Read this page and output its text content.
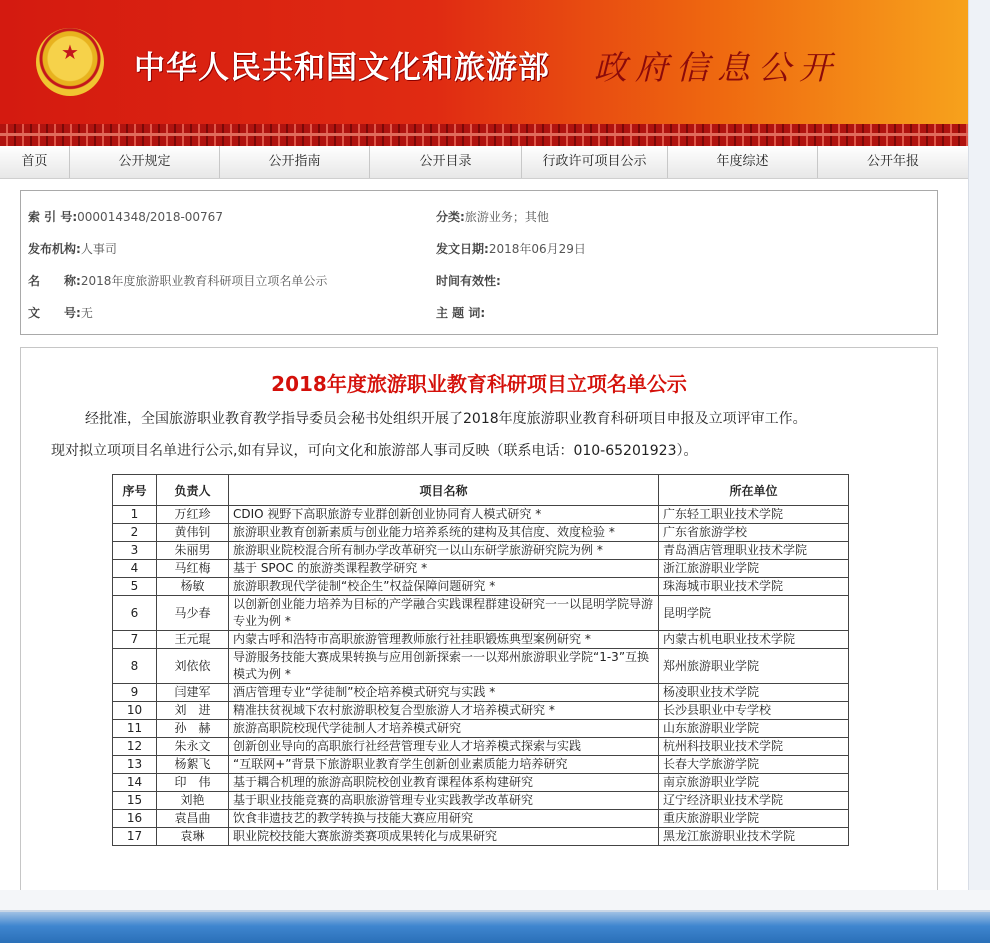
★	中华人民共和国文化和旅游部 政府信息公开
首页	公开规定	公开指南	公开目录	行政许可项目公示	年度综述	公开年报
索 引 号:000014348/2018-00767	分类:旅游业务；其他
发布机构:人事司	发文日期:2018年06月29日
名　　称:2018年度旅游职业教育科研项目立项名单公示	时间有效性:
文　　号:无	主 题 词:
2018年度旅游职业教育科研项目立项名单公示
经批准，全国旅游职业教育教学指导委员会秘书处组织开展了2018年度旅游职业教育科研项目申报及立项评审工作。
现对拟立项项目名单进行公示,如有异议，可向文化和旅游部人事司反映（联系电话：010-65201923）。
序号	负责人	项目名称	所在单位
1	万红珍	CDIO 视野下高职旅游专业群创新创业协同育人模式研究 *	广东轻工职业技术学院
2	黄伟钊	旅游职业教育创新素质与创业能力培养系统的建构及其信度、效度检验 *	广东省旅游学校
3	朱丽男	旅游职业院校混合所有制办学改革研究一以山东研学旅游研究院为例 *	青岛酒店管理职业技术学院
4	马红梅	基于 SPOC 的旅游类课程教学研究 *	浙江旅游职业学院
5	杨敏	旅游职教现代学徒制“校企生”权益保障问题研究 *	珠海城市职业技术学院
6	马少春	以创新创业能力培养为目标的产学融合实践课程群建设研究一一以昆明学院导游专业为例 *	昆明学院
7	王元琨	内蒙古呼和浩特市高职旅游管理教师旅行社挂职锻炼典型案例研究 *	内蒙古机电职业技术学院
8	刘依依	导游服务技能大赛成果转换与应用创新探索一一以郑州旅游职业学院“1-3”互换模式为例 *	郑州旅游职业学院
9	闫建军	酒店管理专业“学徒制”校企培养模式研究与实践 *	杨凌职业技术学院
10	刘　进	精准扶贫视域下农村旅游职校复合型旅游人才培养模式研究 *	长沙县职业中专学校
11	孙　赫	旅游高职院校现代学徒制人才培养模式研究	山东旅游职业学院
12	朱永文	创新创业导向的高职旅行社经营管理专业人才培养模式探索与实践	杭州科技职业技术学院
13	杨絮飞	“互联网+”背景下旅游职业教育学生创新创业素质能力培养研究	长春大学旅游学院
14	印　伟	基于耦合机理的旅游高职院校创业教育课程体系构建研究	南京旅游职业学院
15	刘艳	基于职业技能竞赛的高职旅游管理专业实践教学改革研究	辽宁经济职业技术学院
16	袁昌曲	饮食非遗技艺的教学转换与技能大赛应用研究	重庆旅游职业学院
17	袁琳	职业院校技能大赛旅游类赛项成果转化与成果研究	黑龙江旅游职业技术学院
